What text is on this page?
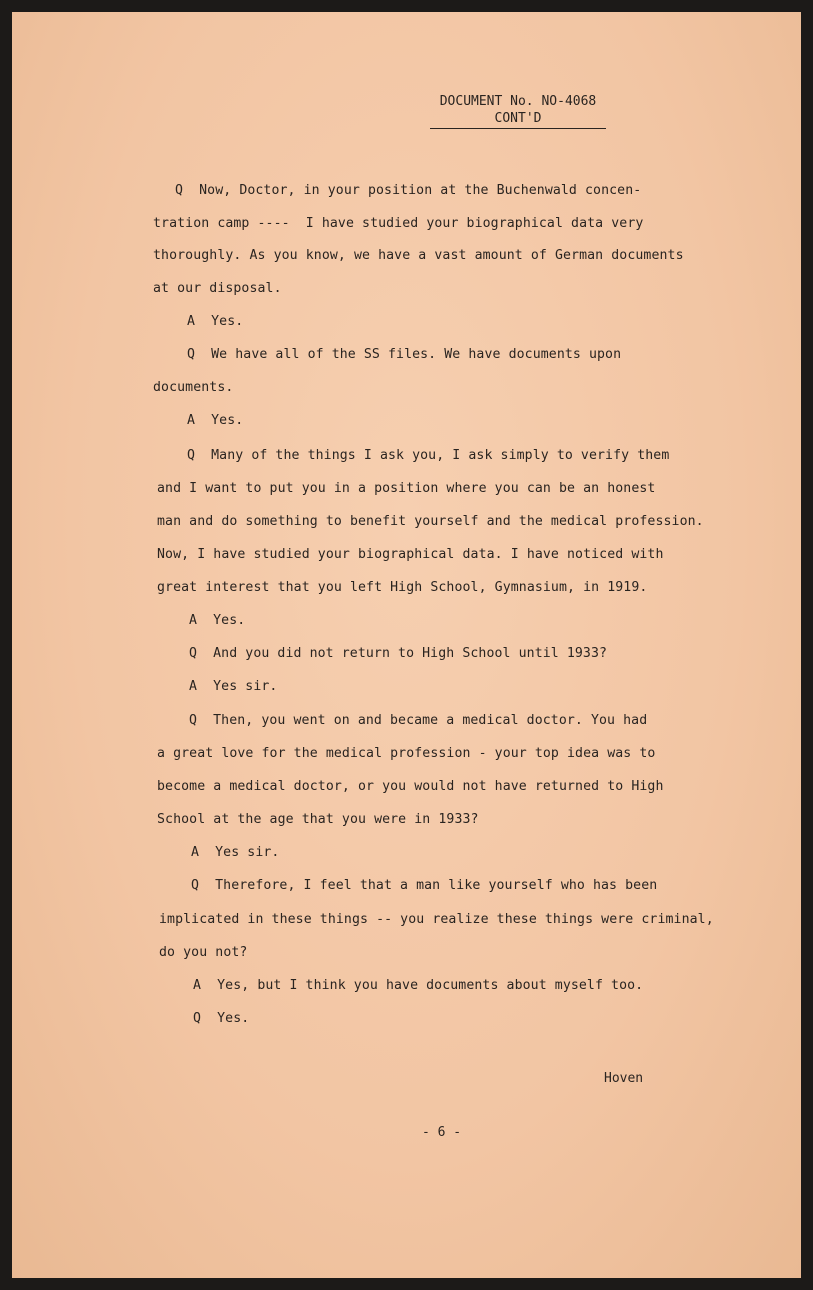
DOCUMENT No. NO-4068
CONT'D
Q  Now, Doctor, in your position at the Buchenwald concen-
tration camp ----  I have studied your biographical data very
thoroughly. As you know, we have a vast amount of German documents
at our disposal.
A  Yes.
Q  We have all of the SS files. We have documents upon
documents.
A  Yes.
Q  Many of the things I ask you, I ask simply to verify them
and I want to put you in a position where you can be an honest
man and do something to benefit yourself and the medical profession.
Now, I have studied your biographical data. I have noticed with
great interest that you left High School, Gymnasium, in 1919.
A  Yes.
Q  And you did not return to High School until 1933?
A  Yes sir.
Q  Then, you went on and became a medical doctor. You had
a great love for the medical profession - your top idea was to
become a medical doctor, or you would not have returned to High
School at the age that you were in 1933?
A  Yes sir.
Q  Therefore, I feel that a man like yourself who has been
implicated in these things -- you realize these things were criminal,
do you not?
A  Yes, but I think you have documents about myself too.
Q  Yes.
Hoven
- 6 -
